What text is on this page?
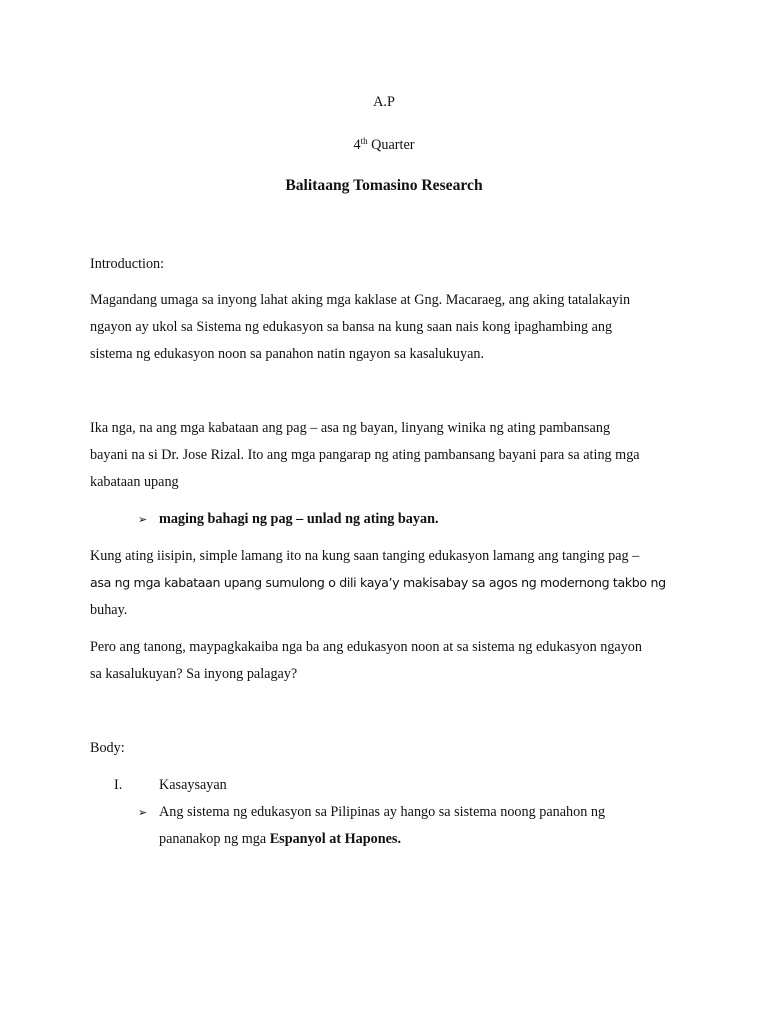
A.P
4th Quarter
Balitaang Tomasino Research
Introduction:
Magandang umaga sa inyong lahat aking mga kaklase at Gng. Macaraeg, ang aking tatalakayin
ngayon ay ukol sa Sistema ng edukasyon sa bansa na kung saan nais kong ipaghambing ang
sistema ng edukasyon noon sa panahon natin ngayon sa kasalukuyan.
Ika nga, na ang mga kabataan ang pag – asa ng bayan, linyang winika ng ating pambansang
bayani na si Dr. Jose Rizal. Ito ang mga pangarap ng ating pambansang bayani para sa ating mga
kabataan upang
➢ maging bahagi ng pag – unlad ng ating bayan.
Kung ating iisipin, simple lamang ito na kung saan tanging edukasyon lamang ang tanging pag –
asa ng mga kabataan upang sumulong o dili kaya’y makisabay sa agos ng modernong takbo ng
buhay.
Pero ang tanong, maypagkakaiba nga ba ang edukasyon noon at sa sistema ng edukasyon ngayon
sa kasalukuyan? Sa inyong palagay?
Body:
I.	Kasaysayan
➢ Ang sistema ng edukasyon sa Pilipinas ay hango sa sistema noong panahon ng
pananakop ng mga Espanyol at Hapones.
